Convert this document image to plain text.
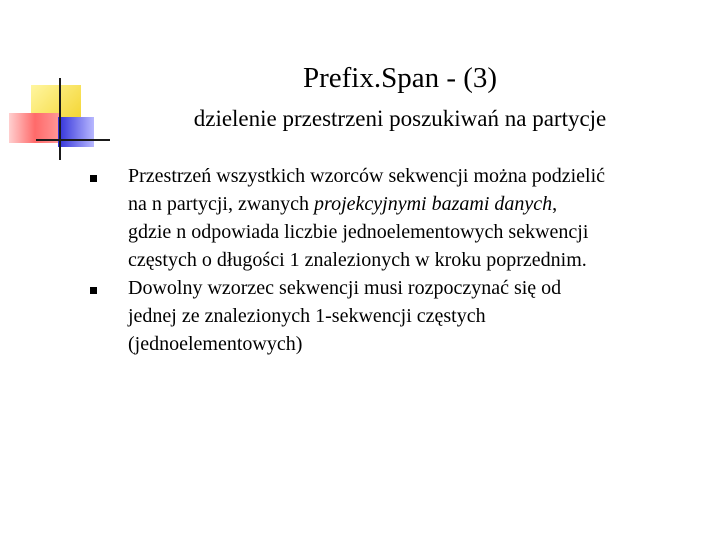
Prefix.Span - (3)
dzielenie przestrzeni poszukiwań na partycje
Przestrzeń wszystkich wzorców sekwencji można podzielić
na n partycji, zwanych projekcyjnymi bazami danych,
gdzie n odpowiada liczbie jednoelementowych sekwencji
częstych o długości 1 znalezionych w kroku poprzednim.
Dowolny wzorzec sekwencji musi rozpoczynać się od
jednej ze znalezionych 1-sekwencji częstych
(jednoelementowych)
